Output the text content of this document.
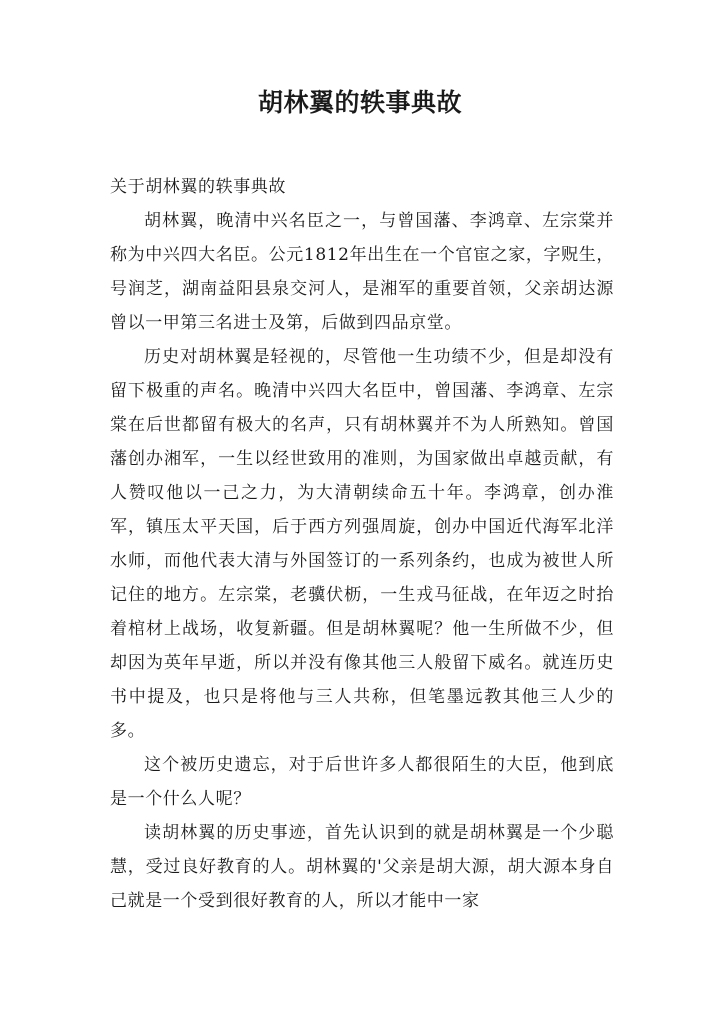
胡林翼的轶事典故

关于胡林翼的轶事典故

胡林翼，晚清中兴名臣之一，与曾国藩、李鸿章、左宗棠并称为中兴四大名臣。公元1812年出生在一个官宦之家，字贶生，号润芝，湖南益阳县泉交河人，是湘军的重要首领，父亲胡达源曾以一甲第三名进士及第，后做到四品京堂。

历史对胡林翼是轻视的，尽管他一生功绩不少，但是却没有留下极重的声名。晚清中兴四大名臣中，曾国藩、李鸿章、左宗棠在后世都留有极大的名声，只有胡林翼并不为人所熟知。曾国藩创办湘军，一生以经世致用的准则，为国家做出卓越贡献，有人赞叹他以一己之力，为大清朝续命五十年。李鸿章，创办淮军，镇压太平天国，后于西方列强周旋，创办中国近代海军北洋水师，而他代表大清与外国签订的一系列条约，也成为被世人所记住的地方。左宗棠，老骥伏枥，一生戎马征战，在年迈之时抬着棺材上战场，收复新疆。但是胡林翼呢？他一生所做不少，但却因为英年早逝，所以并没有像其他三人般留下威名。就连历史书中提及，也只是将他与三人共称，但笔墨远教其他三人少的多。

这个被历史遗忘，对于后世许多人都很陌生的大臣，他到底是一个什么人呢？

读胡林翼的历史事迹，首先认识到的就是胡林翼是一个少聪慧，受过良好教育的人。胡林翼的'父亲是胡大源，胡大源本身自己就是一个受到很好教育的人，所以才能中一家
